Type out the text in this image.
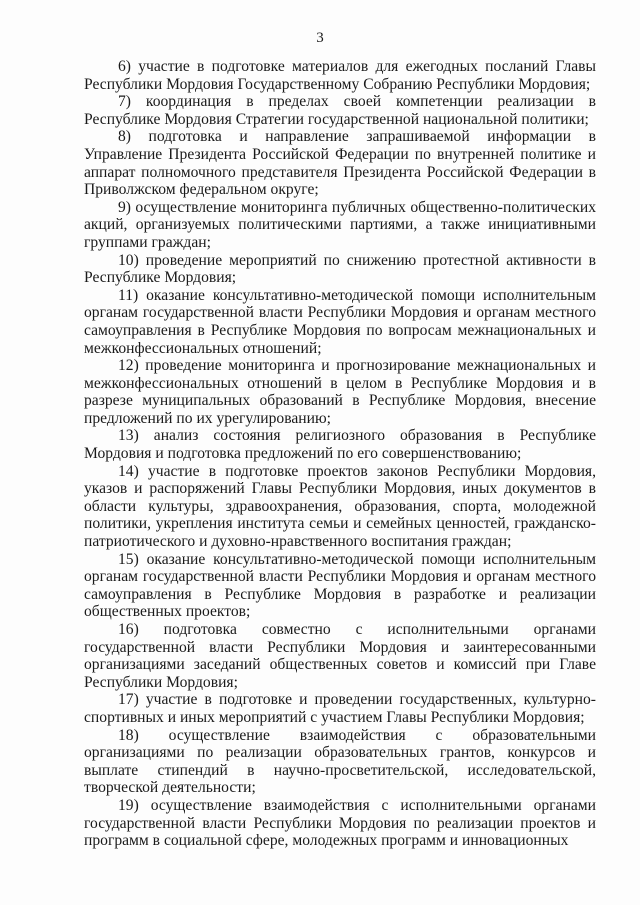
3

6) участие в подготовке материалов для ежегодных посланий Главы Республики Мордовия Государственному Собранию Республики Мордовия;

7) координация в пределах своей компетенции реализации в Республике Мордовия Стратегии государственной национальной политики;

8) подготовка и направление запрашиваемой информации в Управление Президента Российской Федерации по внутренней политике и аппарат полномочного представителя Президента Российской Федерации в Приволжском федеральном округе;

9) осуществление мониторинга публичных общественно-политических акций, организуемых политическими партиями, а также инициативными группами граждан;

10) проведение мероприятий по снижению протестной активности в Республике Мордовия;

11) оказание консультативно-методической помощи исполнительным органам государственной власти Республики Мордовия и органам местного самоуправления в Республике Мордовия по вопросам межнациональных и межконфессиональных отношений;

12) проведение мониторинга и прогнозирование межнациональных и межконфессиональных отношений в целом в Республике Мордовия и в разрезе муниципальных образований в Республике Мордовия, внесение предложений по их урегулированию;

13) анализ состояния религиозного образования в Республике Мордовия и подготовка предложений по его совершенствованию;

14) участие в подготовке проектов законов Республики Мордовия, указов и распоряжений Главы Республики Мордовия, иных документов в области культуры, здравоохранения, образования, спорта, молодежной политики, укрепления института семьи и семейных ценностей, гражданско-патриотического и духовно-нравственного воспитания граждан;

15) оказание консультативно-методической помощи исполнительным органам государственной власти Республики Мордовия и органам местного самоуправления в Республике Мордовия в разработке и реализации общественных проектов;

16) подготовка совместно с исполнительными органами государственной власти Республики Мордовия и заинтересованными организациями заседаний общественных советов и комиссий при Главе Республики Мордовия;

17) участие в подготовке и проведении государственных, культурно-спортивных и иных мероприятий с участием Главы Республики Мордовия;

18) осуществление взаимодействия с образовательными организациями по реализации образовательных грантов, конкурсов и выплате стипендий в научно-просветительской, исследовательской, творческой деятельности;

19) осуществление взаимодействия с исполнительными органами государственной власти Республики Мордовия по реализации проектов и программ в социальной сфере, молодежных программ и инновационных
